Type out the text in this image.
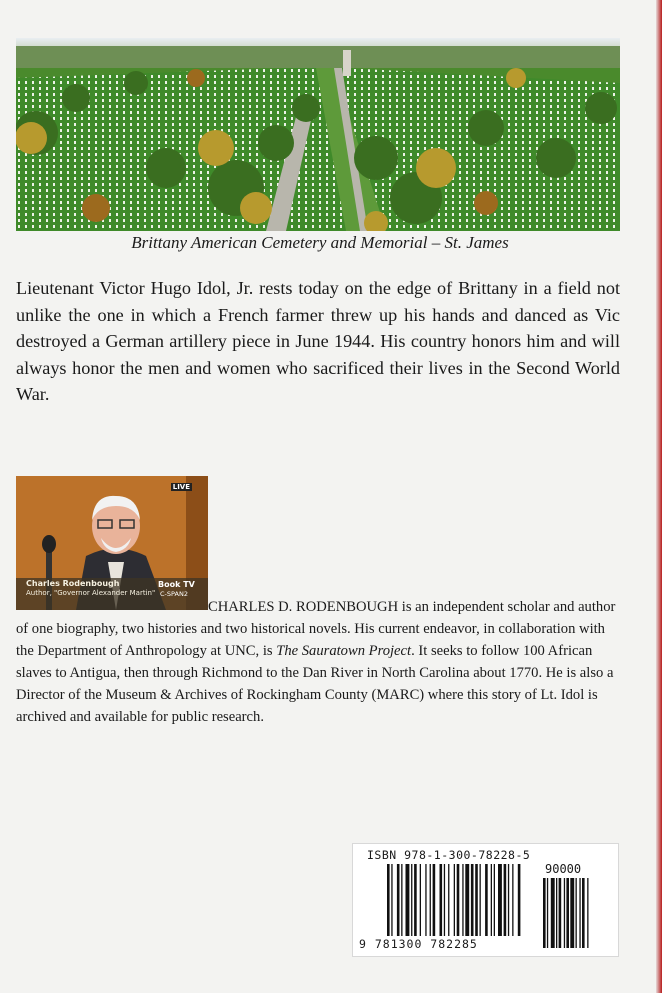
Brittany American Cemetery and Memorial – St. James
Lieutenant Victor Hugo Idol, Jr. rests today on the edge of Brittany in a field not unlike the one in which a French farmer threw up his hands and danced as Vic destroyed a German artillery piece in June 1944. His country honors him and will always honor the men and women who sacrificed their lives in the Second World War.
LIVE
Charles Rodenbough
Author, "Governor Alexander Martin"
Book TV
C-SPAN2
CHARLES D. RODENBOUGH is an independent scholar and author of one biography, two histories and two historical novels. His current endeavor, in collaboration with the Department of Anthropology at UNC, is The Sauratown Project. It seeks to follow 100 African slaves to Antigua, then through Richmond to the Dan River in North Carolina about 1770. He is also a Director of the Museum & Archives of Rockingham County (MARC) where this story of Lt. Idol is archived and available for public research.
ISBN 978-1-300-78228-5
90000
9 781300 782285
